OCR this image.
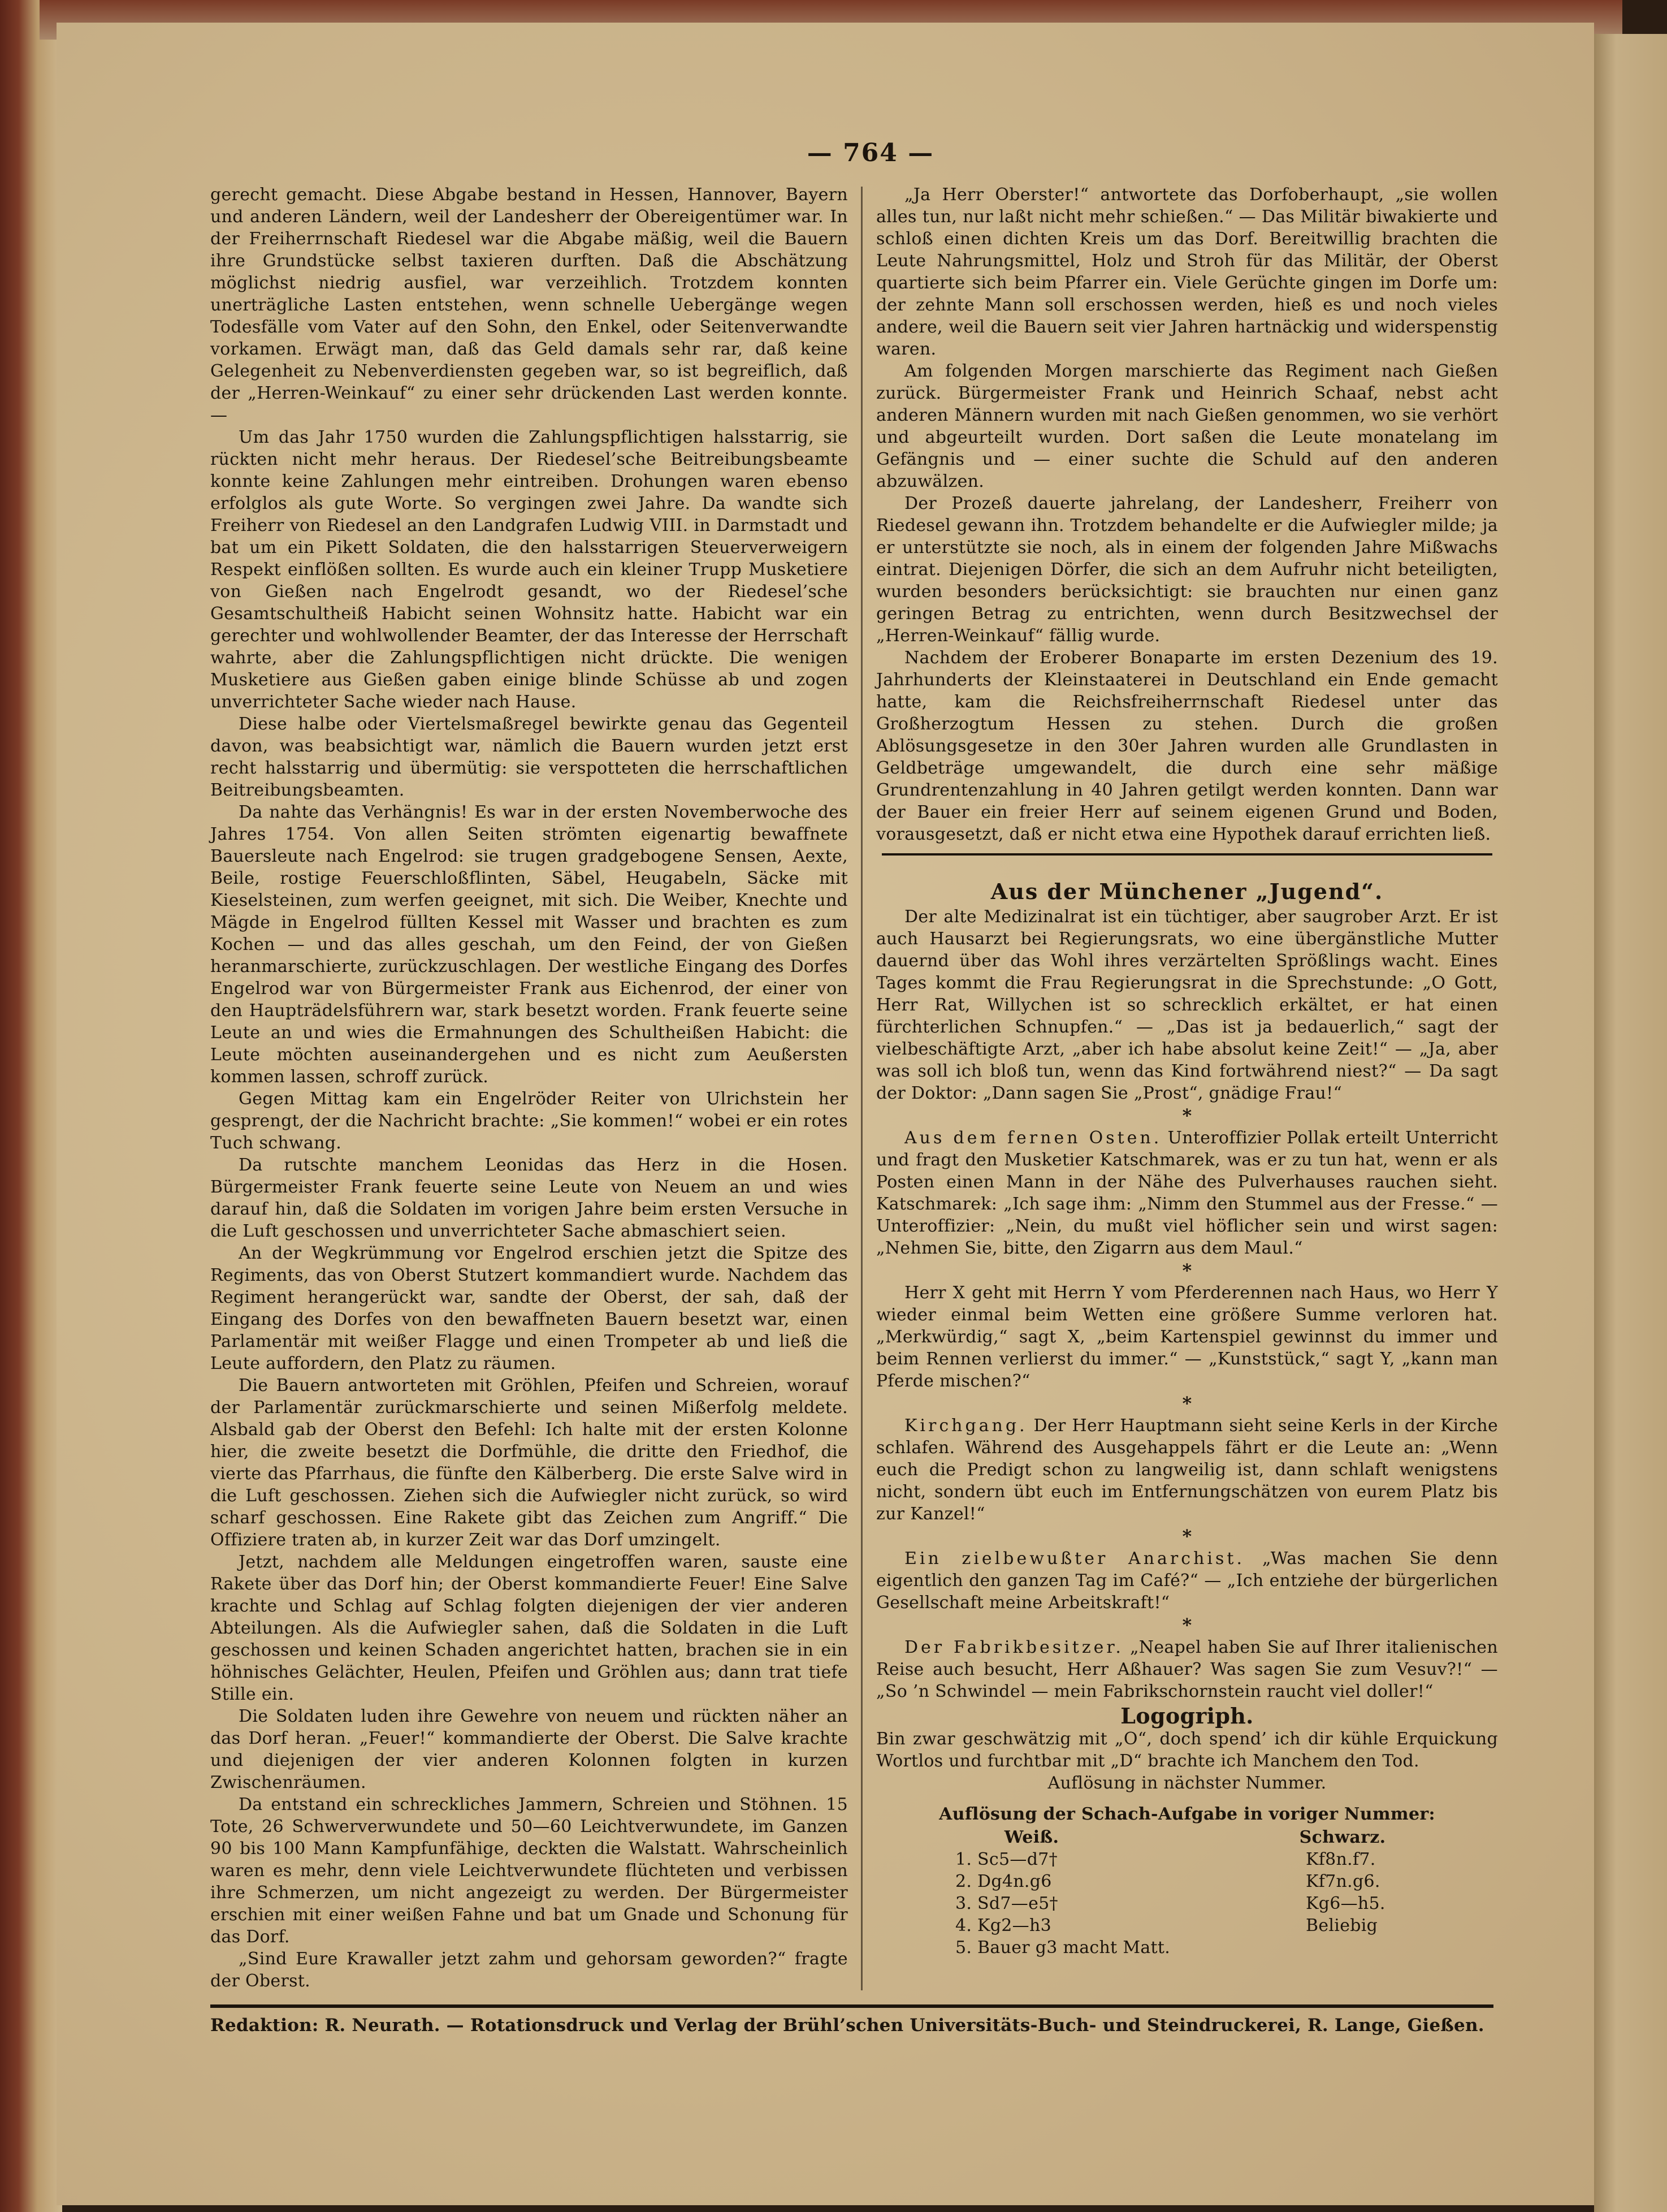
— 764 —

gerecht gemacht. Diese Abgabe bestand in Hessen, Hannover, Bayern und anderen Ländern, weil der Landesherr der Obereigentümer war. In der Freiherrnschaft Riedesel war die Abgabe mäßig, weil die Bauern ihre Grundstücke selbst taxieren durften. Daß die Abschätzung möglichst niedrig ausfiel, war verzeihlich. Trotzdem konnten unerträgliche Lasten entstehen, wenn schnelle Uebergänge wegen Todesfälle vom Vater auf den Sohn, den Enkel, oder Seitenverwandte vorkamen. Erwägt man, daß das Geld damals sehr rar, daß keine Gelegenheit zu Nebenverdiensten gegeben war, so ist begreiflich, daß der „Herren-Weinkauf“ zu einer sehr drückenden Last werden konnte. —

Um das Jahr 1750 wurden die Zahlungspflichtigen halsstarrig, sie rückten nicht mehr heraus. Der Riedesel’sche Beitreibungsbeamte konnte keine Zahlungen mehr eintreiben. Drohungen waren ebenso erfolglos als gute Worte. So vergingen zwei Jahre. Da wandte sich Freiherr von Riedesel an den Landgrafen Ludwig VIII. in Darmstadt und bat um ein Pikett Soldaten, die den halsstarrigen Steuerverweigern Respekt einflößen sollten. Es wurde auch ein kleiner Trupp Musketiere von Gießen nach Engelrodt gesandt, wo der Riedesel’sche Gesamtschultheiß Habicht seinen Wohnsitz hatte. Habicht war ein gerechter und wohlwollender Beamter, der das Interesse der Herrschaft wahrte, aber die Zahlungspflichtigen nicht drückte. Die wenigen Musketiere aus Gießen gaben einige blinde Schüsse ab und zogen unverrichteter Sache wieder nach Hause.

Diese halbe oder Viertelsmaßregel bewirkte genau das Gegenteil davon, was beabsichtigt war, nämlich die Bauern wurden jetzt erst recht halsstarrig und übermütig: sie verspotteten die herrschaftlichen Beitreibungsbeamten.

Da nahte das Verhängnis! Es war in der ersten Novemberwoche des Jahres 1754. Von allen Seiten strömten eigenartig bewaffnete Bauersleute nach Engelrod: sie trugen gradgebogene Sensen, Aexte, Beile, rostige Feuerschloßflinten, Säbel, Heugabeln, Säcke mit Kieselsteinen, zum werfen geeignet, mit sich. Die Weiber, Knechte und Mägde in Engelrod füllten Kessel mit Wasser und brachten es zum Kochen — und das alles geschah, um den Feind, der von Gießen heranmarschierte, zurückzuschlagen. Der westliche Eingang des Dorfes Engelrod war von Bürgermeister Frank aus Eichenrod, der einer von den Haupträdelsführern war, stark besetzt worden. Frank feuerte seine Leute an und wies die Ermahnungen des Schultheißen Habicht: die Leute möchten auseinandergehen und es nicht zum Aeußersten kommen lassen, schroff zurück.

Gegen Mittag kam ein Engelröder Reiter von Ulrichstein her gesprengt, der die Nachricht brachte: „Sie kommen!“ wobei er ein rotes Tuch schwang.

Da rutschte manchem Leonidas das Herz in die Hosen. Bürgermeister Frank feuerte seine Leute von Neuem an und wies darauf hin, daß die Soldaten im vorigen Jahre beim ersten Versuche in die Luft geschossen und unverrichteter Sache abmaschiert seien.

An der Wegkrümmung vor Engelrod erschien jetzt die Spitze des Regiments, das von Oberst Stutzert kommandiert wurde. Nachdem das Regiment herangerückt war, sandte der Oberst, der sah, daß der Eingang des Dorfes von den bewaffneten Bauern besetzt war, einen Parlamentär mit weißer Flagge und einen Trompeter ab und ließ die Leute auffordern, den Platz zu räumen.

Die Bauern antworteten mit Gröhlen, Pfeifen und Schreien, worauf der Parlamentär zurückmarschierte und seinen Mißerfolg meldete. Alsbald gab der Oberst den Befehl: Ich halte mit der ersten Kolonne hier, die zweite besetzt die Dorfmühle, die dritte den Friedhof, die vierte das Pfarrhaus, die fünfte den Kälberberg. Die erste Salve wird in die Luft geschossen. Ziehen sich die Aufwiegler nicht zurück, so wird scharf geschossen. Eine Rakete gibt das Zeichen zum Angriff.“ Die Offiziere traten ab, in kurzer Zeit war das Dorf umzingelt.

Jetzt, nachdem alle Meldungen eingetroffen waren, sauste eine Rakete über das Dorf hin; der Oberst kommandierte Feuer! Eine Salve krachte und Schlag auf Schlag folgten diejenigen der vier anderen Abteilungen. Als die Aufwiegler sahen, daß die Soldaten in die Luft geschossen und keinen Schaden angerichtet hatten, brachen sie in ein höhnisches Gelächter, Heulen, Pfeifen und Gröhlen aus; dann trat tiefe Stille ein.

Die Soldaten luden ihre Gewehre von neuem und rückten näher an das Dorf heran. „Feuer!“ kommandierte der Oberst. Die Salve krachte und diejenigen der vier anderen Kolonnen folgten in kurzen Zwischenräumen.

Da entstand ein schreckliches Jammern, Schreien und Stöhnen. 15 Tote, 26 Schwerverwundete und 50—60 Leichtverwundete, im Ganzen 90 bis 100 Mann Kampfunfähige, deckten die Walstatt. Wahrscheinlich waren es mehr, denn viele Leichtverwundete flüchteten und verbissen ihre Schmerzen, um nicht angezeigt zu werden. Der Bürgermeister erschien mit einer weißen Fahne und bat um Gnade und Schonung für das Dorf.

„Sind Eure Krawaller jetzt zahm und gehorsam geworden?“ fragte der Oberst.

„Ja Herr Oberster!“ antwortete das Dorfoberhaupt, „sie wollen alles tun, nur laßt nicht mehr schießen.“ — Das Militär biwakierte und schloß einen dichten Kreis um das Dorf. Bereitwillig brachten die Leute Nahrungsmittel, Holz und Stroh für das Militär, der Oberst quartierte sich beim Pfarrer ein. Viele Gerüchte gingen im Dorfe um: der zehnte Mann soll erschossen werden, hieß es und noch vieles andere, weil die Bauern seit vier Jahren hartnäckig und widerspenstig waren.

Am folgenden Morgen marschierte das Regiment nach Gießen zurück. Bürgermeister Frank und Heinrich Schaaf, nebst acht anderen Männern wurden mit nach Gießen genommen, wo sie verhört und abgeurteilt wurden. Dort saßen die Leute monatelang im Gefängnis und — einer suchte die Schuld auf den anderen abzuwälzen.

Der Prozeß dauerte jahrelang, der Landesherr, Freiherr von Riedesel gewann ihn. Trotzdem behandelte er die Aufwiegler milde; ja er unterstützte sie noch, als in einem der folgenden Jahre Mißwachs eintrat. Diejenigen Dörfer, die sich an dem Aufruhr nicht beteiligten, wurden besonders berücksichtigt: sie brauchten nur einen ganz geringen Betrag zu entrichten, wenn durch Besitzwechsel der „Herren-Weinkauf“ fällig wurde.

Nachdem der Eroberer Bonaparte im ersten Dezenium des 19. Jahrhunderts der Kleinstaaterei in Deutschland ein Ende gemacht hatte, kam die Reichsfreiherrnschaft Riedesel unter das Großherzogtum Hessen zu stehen. Durch die großen Ablösungsgesetze in den 30er Jahren wurden alle Grundlasten in Geldbeträge umgewandelt, die durch eine sehr mäßige Grundrentenzahlung in 40 Jahren getilgt werden konnten. Dann war der Bauer ein freier Herr auf seinem eigenen Grund und Boden, vorausgesetzt, daß er nicht etwa eine Hypothek darauf errichten ließ.

Aus der Münchener „Jugend“.

Der alte Medizinalrat ist ein tüchtiger, aber saugrober Arzt. Er ist auch Hausarzt bei Regierungsrats, wo eine übergänstliche Mutter dauernd über das Wohl ihres verzärtelten Sprößlings wacht. Eines Tages kommt die Frau Regierungsrat in die Sprechstunde: „O Gott, Herr Rat, Willychen ist so schrecklich erkältet, er hat einen fürchterlichen Schnupfen.“ — „Das ist ja bedauerlich,“ sagt der vielbeschäftigte Arzt, „aber ich habe absolut keine Zeit!“ — „Ja, aber was soll ich bloß tun, wenn das Kind fortwährend niest?“ — Da sagt der Doktor: „Dann sagen Sie „Prost“, gnädige Frau!“

*

Aus dem fernen Osten. Unteroffizier Pollak erteilt Unterricht und fragt den Musketier Katschmarek, was er zu tun hat, wenn er als Posten einen Mann in der Nähe des Pulverhauses rauchen sieht. Katschmarek: „Ich sage ihm: „Nimm den Stummel aus der Fresse.“ — Unteroffizier: „Nein, du mußt viel höflicher sein und wirst sagen: „Nehmen Sie, bitte, den Zigarrn aus dem Maul.“

*

Herr X geht mit Herrn Y vom Pferderennen nach Haus, wo Herr Y wieder einmal beim Wetten eine größere Summe verloren hat. „Merkwürdig,“ sagt X, „beim Kartenspiel gewinnst du immer und beim Rennen verlierst du immer.“ — „Kunststück,“ sagt Y, „kann man Pferde mischen?“

*

Kirchgang. Der Herr Hauptmann sieht seine Kerls in der Kirche schlafen. Während des Ausgehappels fährt er die Leute an: „Wenn euch die Predigt schon zu langweilig ist, dann schlaft wenigstens nicht, sondern übt euch im Entfernungschätzen von eurem Platz bis zur Kanzel!“

*

Ein zielbewußter Anarchist. „Was machen Sie denn eigentlich den ganzen Tag im Café?“ — „Ich entziehe der bürgerlichen Gesellschaft meine Arbeitskraft!“

*

Der Fabrikbesitzer. „Neapel haben Sie auf Ihrer italienischen Reise auch besucht, Herr Aßhauer? Was sagen Sie zum Vesuv?!“ — „So ’n Schwindel — mein Fabrikschornstein raucht viel doller!“

Logogriph.

Bin zwar geschwätzig mit „O“, doch spend’ ich dir kühle Erquickung Wortlos und furchtbar mit „D“ brachte ich Manchem den Tod.

Auflösung in nächster Nummer.

Auflösung der Schach-Aufgabe in voriger Nummer:
Weiß.	Schwarz.
1. Sc5—d7†	Kf8n.f7.
2. Dg4n.g6	Kf7n.g6.
3. Sd7—e5†	Kg6—h5.
4. Kg2—h3	Beliebig
5. Bauer g3 macht Matt.
Redaktion: R. Neurath. — Rotationsdruck und Verlag der Brühl’schen Universitäts-Buch- und Steindruckerei, R. Lange, Gießen.
